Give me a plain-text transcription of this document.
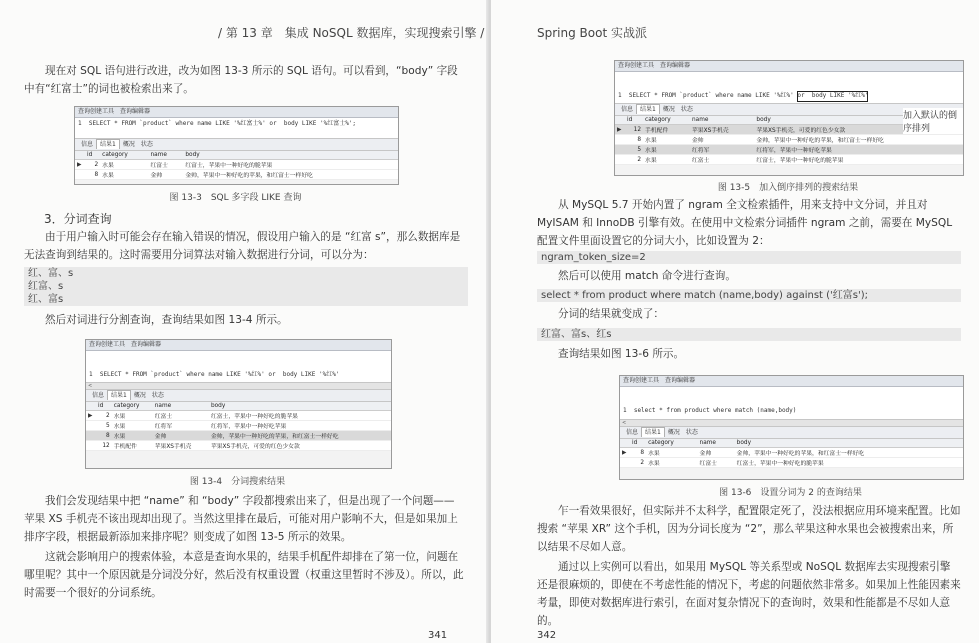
/ 第 13 章　集成 NoSQL 数据库，实现搜索引擎 /
现在对 SQL 语句进行改进，改为如图 13-3 所示的 SQL 语句。可以看到，“body” 字段中有“红富士”的词也被检索出来了。
查询创建工具 查询编辑器
1  SELECT * FROM `product` where name LIKE '%红富士%' or  body LIKE '%红富士%';
信息 结果1 概况 状态
	id	category	name	body
▶	2	水果	红富士	红富士，苹果中一种好吃的脆苹果
	8	水果	金帅	金帅，苹果中一种好吃的苹果，和红富士一样好吃
图 13-3　SQL 多字段 LIKE 查询
3．分词查询
由于用户输入时可能会存在输入错误的情况，假设用户输入的是 “红富 s”，那么数据库是无法查询到结果的。这时需要用分词算法对输入数据进行分词，可以分为：
红、富、s
红富、s
红、富s
然后对词进行分割查询，查询结果如图 13-4 所示。
查询创建工具 查询编辑器

1  SELECT * FROM `product` where name LIKE '%红%' or  body LIKE '%红%'

<
信息 结果1 概况 状态
	id	category	name	body
▶	2	水果	红富士	红富士，苹果中一种好吃的脆苹果
	5	水果	红将军	红将军，苹果中一种好吃苹果
	8	水果	金帅	金帅，苹果中一种好吃的苹果，和红富士一样好吃
	12	手机配件	苹果XS手机壳	苹果XS手机壳，可爱的红色少女款
图 13-4　分词搜索结果
我们会发现结果中把 “name” 和 “body” 字段都搜索出来了，但是出现了一个问题——苹果 XS 手机壳不该出现却出现了。当然这里排在最后，可能对用户影响不大，但是如果加上排序字段，根据最新添加来排序呢？则变成了如图 13-5 所示的效果。
这就会影响用户的搜索体验，本意是查询水果的，结果手机配件却排在了第一位，问题在哪里呢？其中一个原因就是分词没分好，然后没有权重设置（权重这里暂时不涉及）。所以，此时需要一个很好的分词系统。
341
Spring Boot 实战派
查询创建工具 查询编辑器

1  SELECT * FROM `product` where name LIKE '%红%' or  body LIKE '%红%'

信息 结果1 概况 状态
	id	category	name	body
▶	12	手机配件	苹果XS手机壳	苹果XS手机壳，可爱的红色少女款
	8	水果	金帅	金帅，苹果中一种好吃的苹果，和红富士一样好吃
	5	水果	红将军	红将军，苹果中一种好吃苹果
	2	水果	红富士	红富士，苹果中一种好吃的脆苹果
加入默认的倒序排列
图 13-5　加入倒序排列的搜索结果
从 MySQL 5.7 开始内置了 ngram 全文检索插件，用来支持中文分词，并且对 MyISAM 和 InnoDB 引擎有效。在使用中文检索分词插件 ngram 之前，需要在 MySQL 配置文件里面设置它的分词大小，比如设置为 2：
ngram_token_size=2
然后可以使用 match 命令进行查询。
select * from product where match (name,body) against ('红富s');
分词的结果就变成了：
红富、富s、红s
查询结果如图 13-6 所示。
查询创建工具 查询编辑器

1  select * from product where match (name,body)

<
信息 结果1 概况 状态
	id	category	name	body
▶	8	水果	金帅	金帅，苹果中一种好吃的苹果，和红富士一样好吃
	2	水果	红富士	红富士，苹果中一种好吃的脆苹果
图 13-6　设置分词为 2 的查询结果
乍一看效果很好，但实际并不太科学，配置限定死了，没法根据应用环境来配置。比如搜索 “苹果 XR” 这个手机，因为分词长度为 “2”，那么苹果这种水果也会被搜索出来，所以结果不尽如人意。
通过以上实例可以看出，如果用 MySQL 等关系型或 NoSQL 数据库去实现搜索引擎还是很麻烦的，即使在不考虑性能的情况下，考虑的问题依然非常多。如果加上性能因素来考量，即使对数据库进行索引，在面对复杂情况下的查询时，效果和性能都是不尽如人意的。
342
